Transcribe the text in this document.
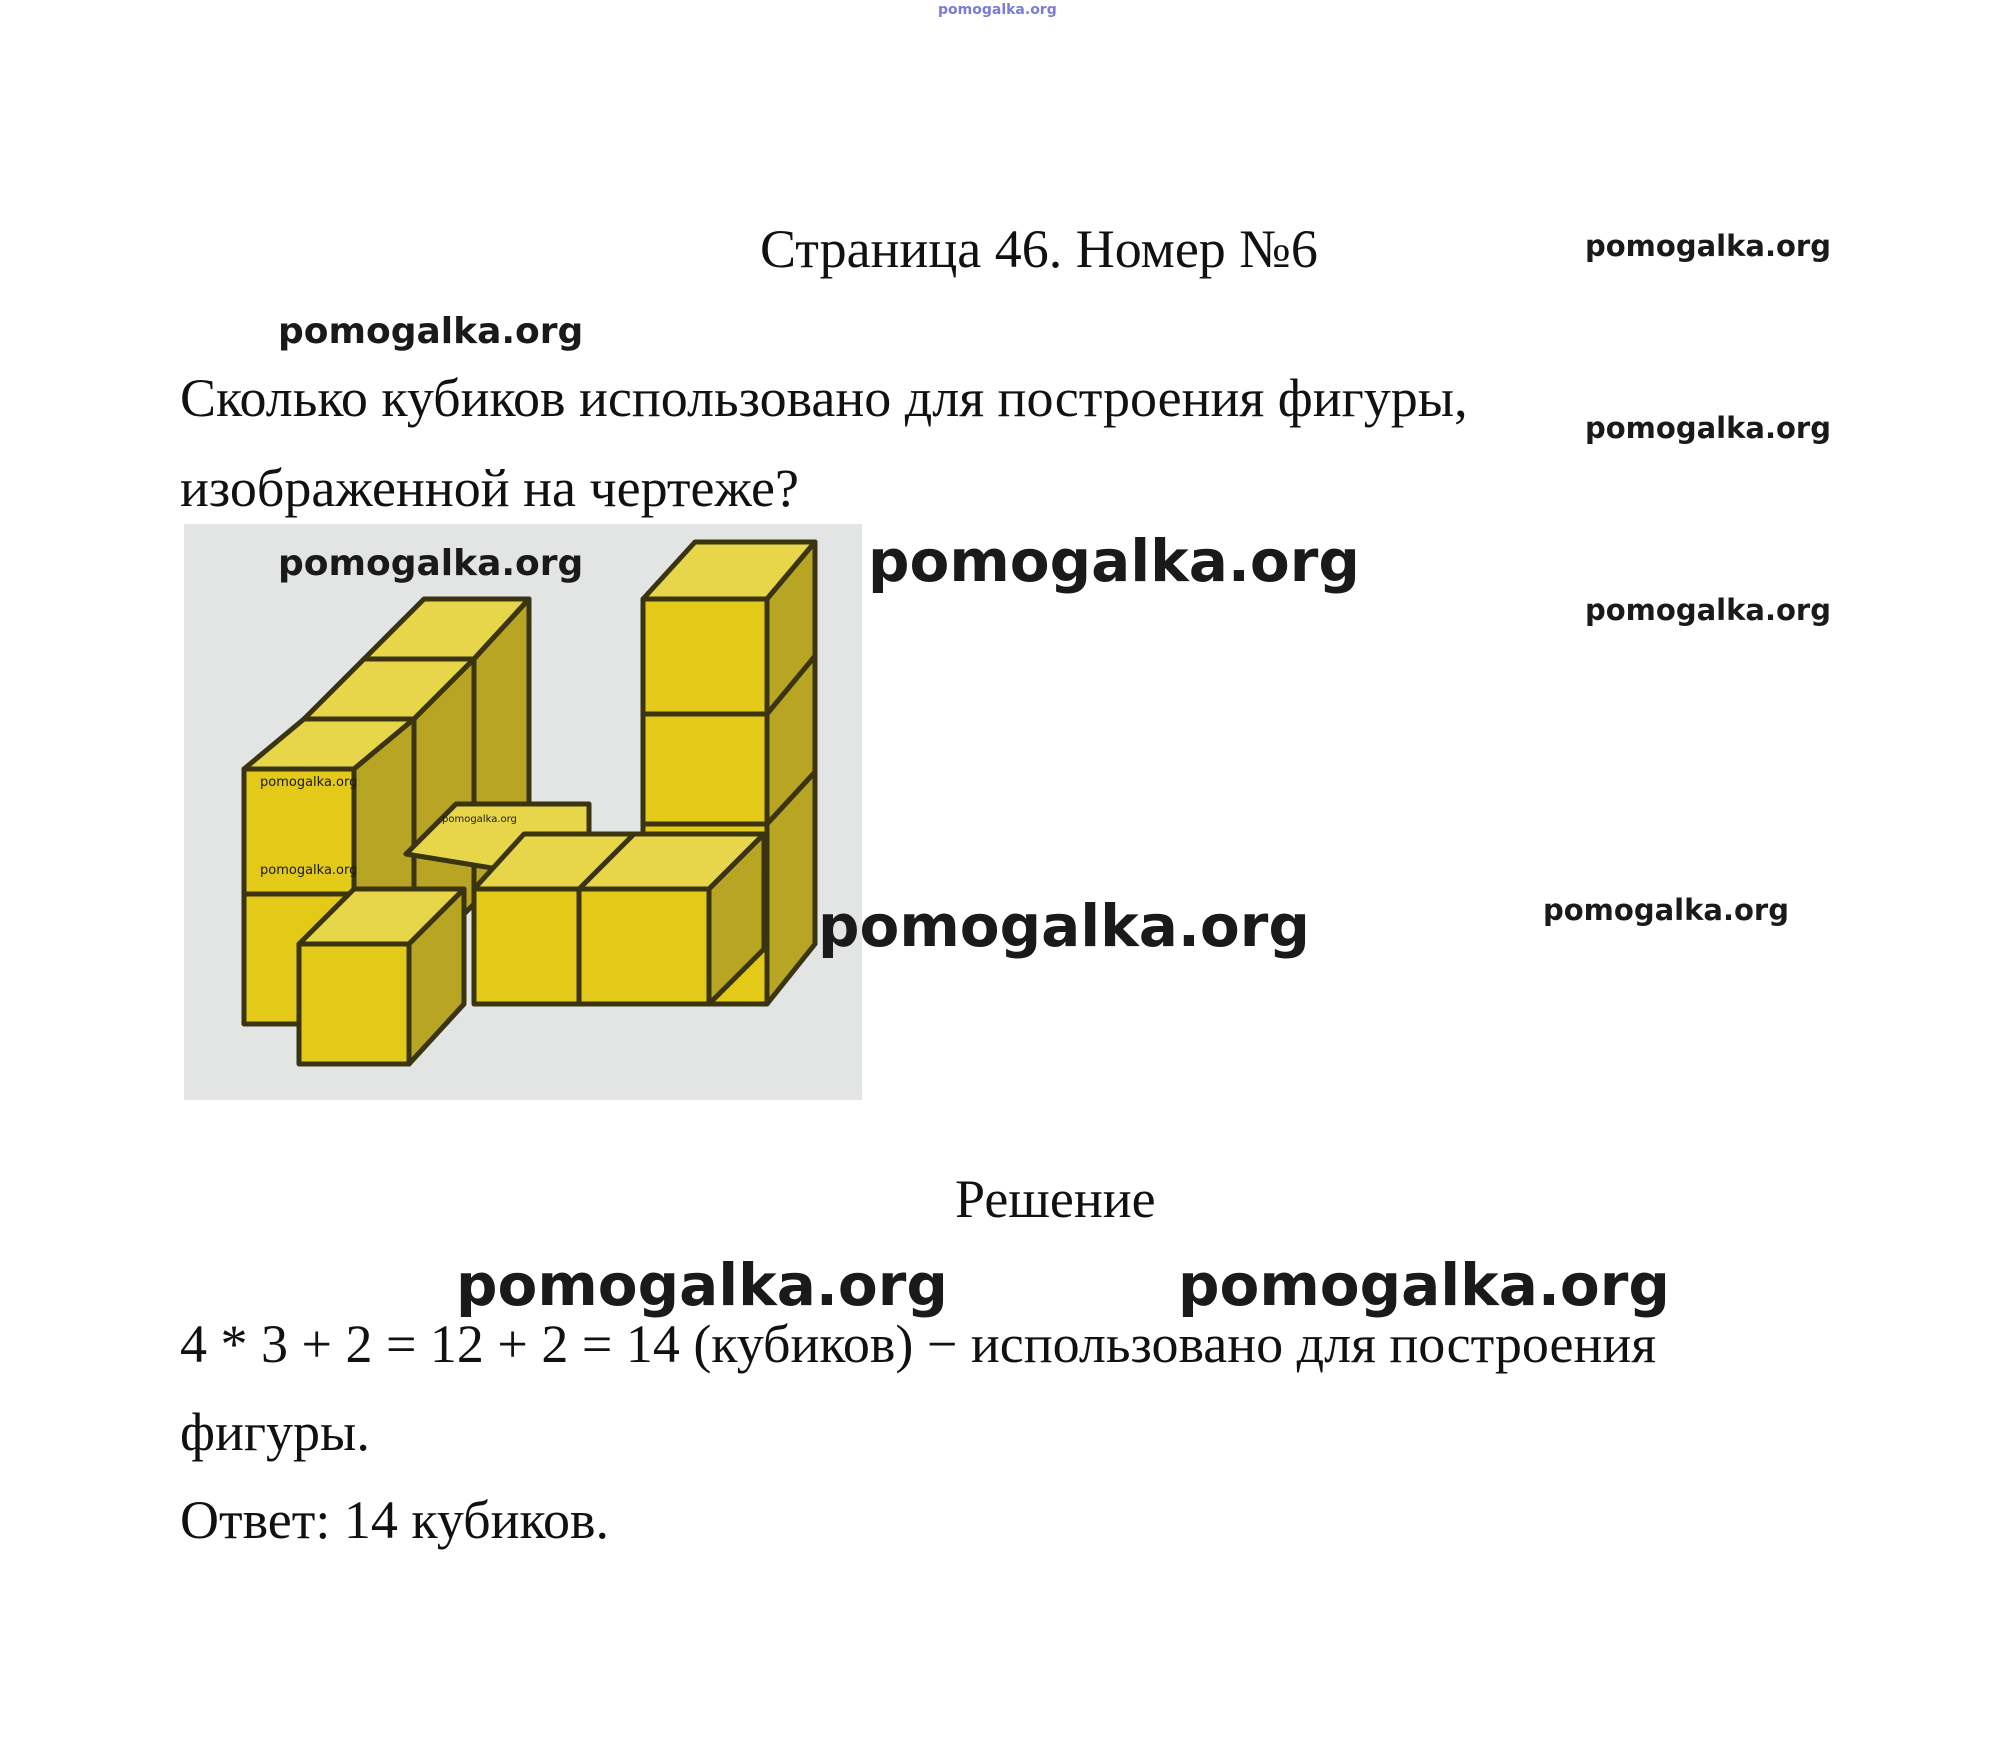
pomogalka.org
Страница 46. Номер №6	pomogalka.org
pomogalka.org
Сколько кубиков использовано для построения фигуры, изображенной на чертеже?
pomogalka.org
pomogalka.org
pomogalka.org
pomogalka.org
pomogalka.org	pomogalka.org
pomogalka.org
pomogalka.org	pomogalka.org
Решение
pomogalka.org	pomogalka.org
4 * 3 + 2 = 12 + 2 = 14 (кубиков) − использовано для построения фигуры.
Ответ: 14 кубиков.
